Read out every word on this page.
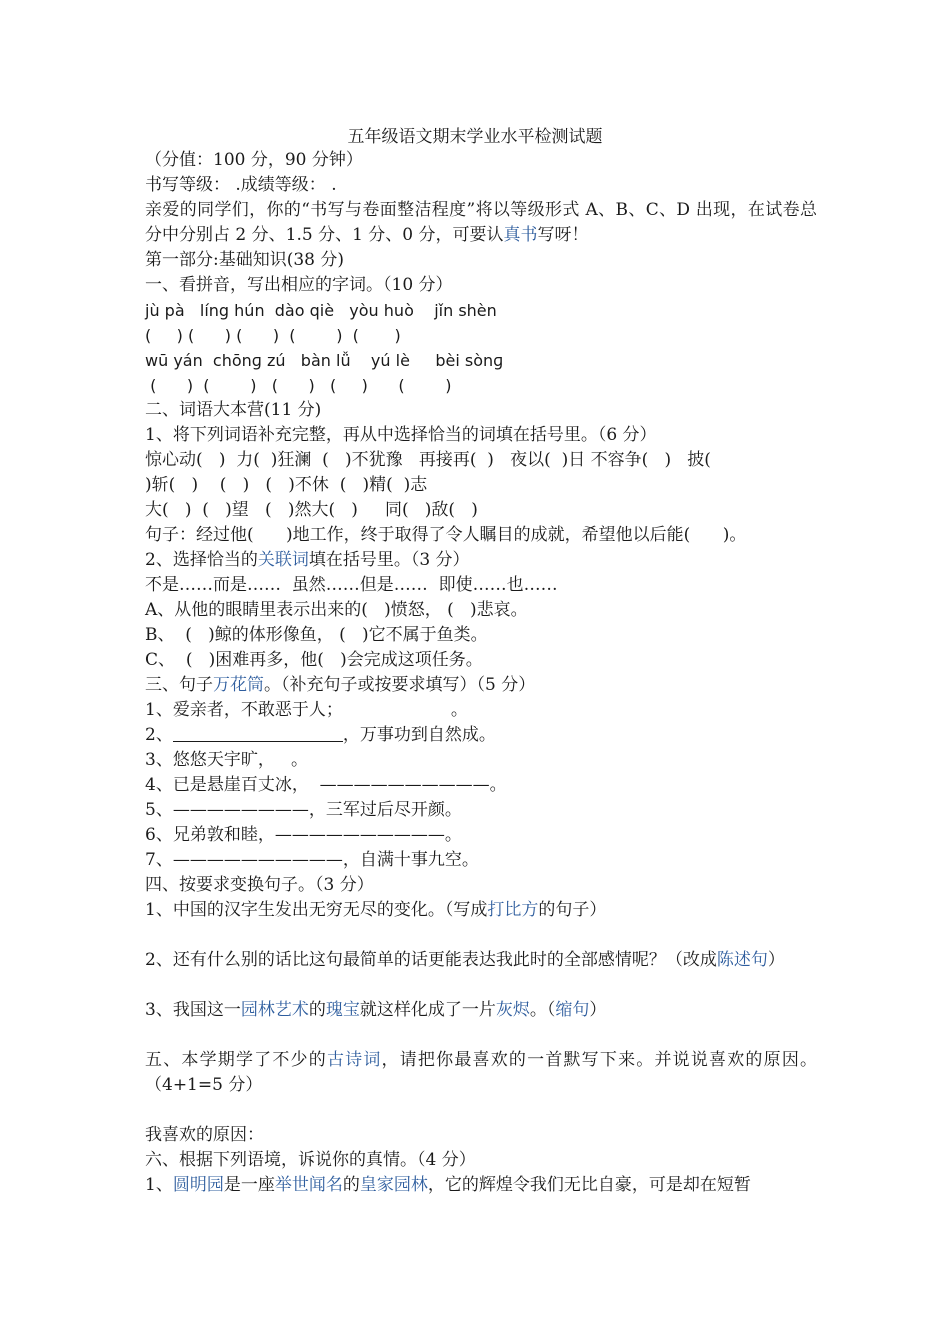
五年级语文期末学业水平检测试题
（分值：100 分，90 分钟）
书写等级： .成绩等级： .
亲爱的同学们，你的“书写与卷面整洁程度”将以等级形式 A、B、C、D 出现，在试卷总分中分别占 2 分、1.5 分、1 分、0 分，可要认真书写呀！
第一部分:基础知识(38 分)
一、看拼音，写出相应的字词。（10 分）
jù pà   líng hún  dào qiè   yòu huò    jǐn shèn
(     ) (      ) (      )  (        )  (       )
wū yán  chōnɡ zú   bàn lǚ    yú lè     bèi sònɡ
(      )  (        )   (      )   (     )      (        )
二、词语大本营(11 分)
1、将下列词语补充完整，再从中选择恰当的词填在括号里。（6 分）
惊心动(   )  力(  )狂澜  (   )不犹豫   再接再(  )   夜以(  )日 不容争(   )   披(
)斩(   )    (   )   (   )不休  (   )精(  )志
大(   )  (   )望   (   )然大(   )     同(   )敌(   )
句子：经过他(      )地工作，终于取得了令人瞩目的成就，希望他以后能(      )。
2、选择恰当的关联词填在括号里。（3 分）
不是……而是……  虽然……但是……  即使……也……
A、从他的眼睛里表示出来的(   )愤怒， (   )悲哀。
B、  (   )鲸的体形像鱼， (   )它不属于鱼类。
C、  (   )困难再多，他(   )会完成这项任务。
三、句子万花筒。（补充句子或按要求填写）（5 分）
1、爱亲者，不敢恶于人；                    。
2、	，万事功到自然成。
3、悠悠天宇旷，   。
4、已是悬崖百丈冰，  ——————————。
5、————————，三军过后尽开颜。
6、兄弟敦和睦，——————————。
7、——————————，自满十事九空。
四、按要求变换句子。（3 分）
1、中国的汉字生发出无穷无尽的变化。（写成打比方的句子）
2、还有什么别的话比这句最简单的话更能表达我此时的全部感情呢？（改成陈述句）
3、我国这一园林艺术的瑰宝就这样化成了一片灰烬。（缩句）
五、本学期学了不少的古诗词，请把你最喜欢的一首默写下来。并说说喜欢的原因。（4+1=5 分）
我喜欢的原因：
六、根据下列语境，诉说你的真情。（4 分）
1、圆明园是一座举世闻名的皇家园林，它的辉煌令我们无比自豪，可是却在短暂
